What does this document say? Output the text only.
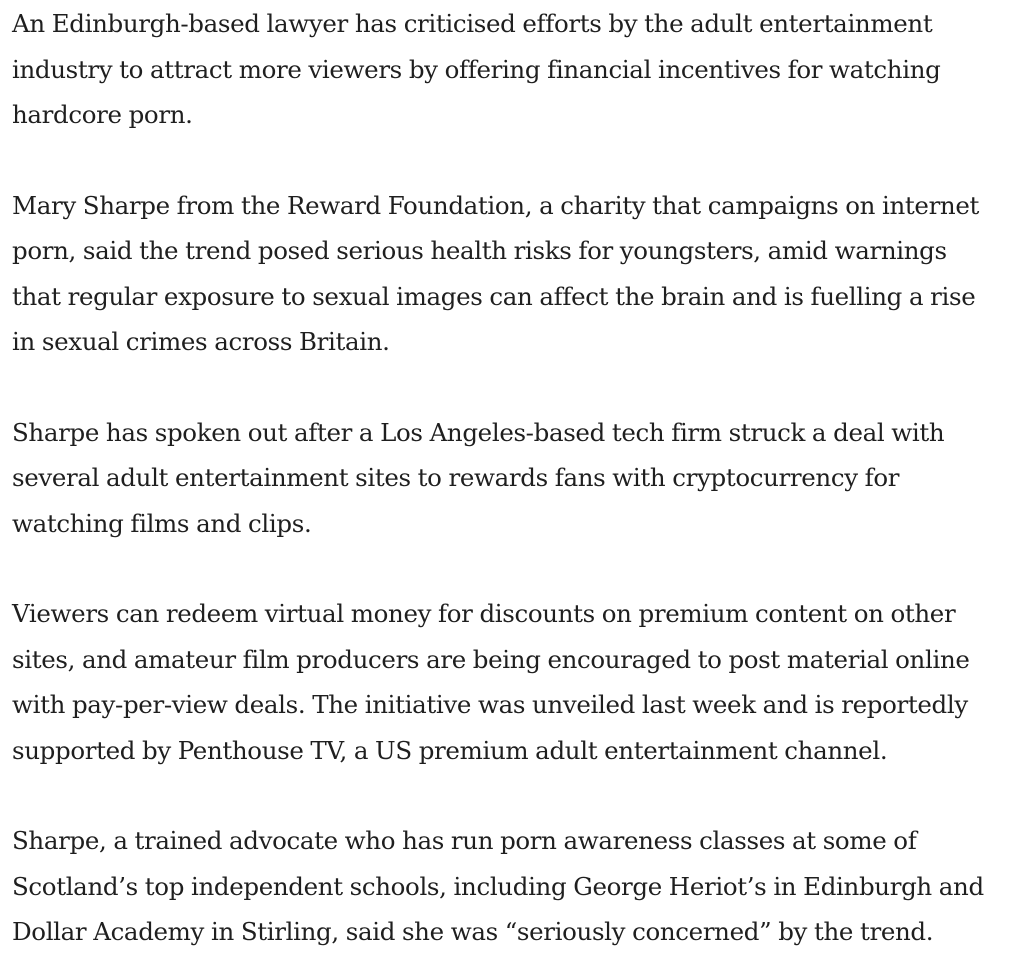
An Edinburgh-based lawyer has criticised efforts by the adult entertainment
industry to attract more viewers by offering financial incentives for watching
hardcore porn.

Mary Sharpe from the Reward Foundation, a charity that campaigns on internet
porn, said the trend posed serious health risks for youngsters, amid warnings
that regular exposure to sexual images can affect the brain and is fuelling a rise
in sexual crimes across Britain.

Sharpe has spoken out after a Los Angeles-based tech firm struck a deal with
several adult entertainment sites to rewards fans with cryptocurrency for
watching films and clips.

Viewers can redeem virtual money for discounts on premium content on other
sites, and amateur film producers are being encouraged to post material online
with pay-per-view deals. The initiative was unveiled last week and is reportedly
supported by Penthouse TV, a US premium adult entertainment channel.

Sharpe, a trained advocate who has run porn awareness classes at some of
Scotland’s top independent schools, including George Heriot’s in Edinburgh and
Dollar Academy in Stirling, said she was “seriously concerned” by the trend.
